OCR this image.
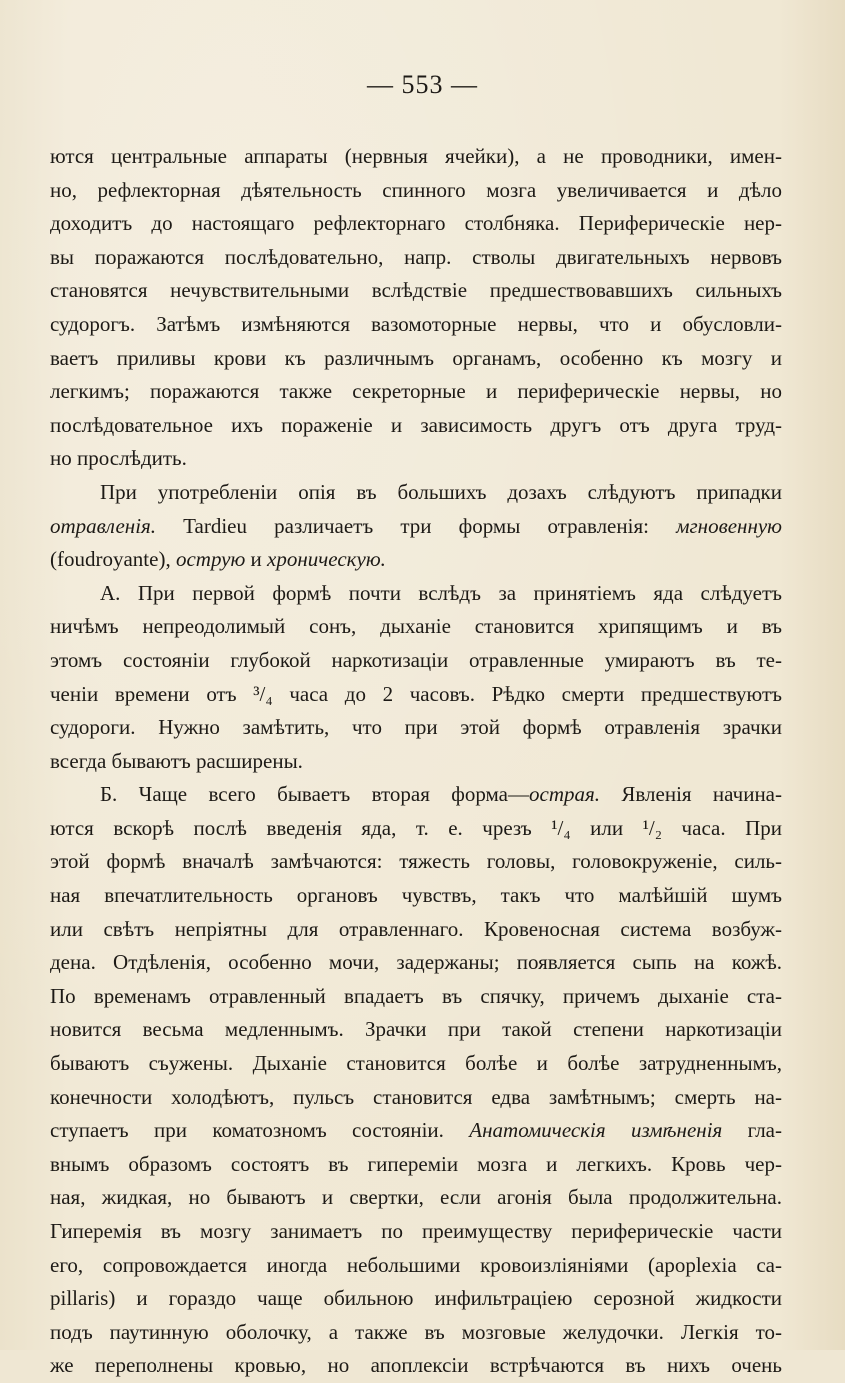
— 553 —
ются центральные аппараты (нервныя ячейки), а не проводники, имен-
но, рефлекторная дѣятельность спинного мозга увеличивается и дѣло
доходитъ до настоящаго рефлекторнаго столбняка. Периферическіе нер-
вы поражаются послѣдовательно, напр. стволы двигательныхъ нервовъ
становятся нечувствительными вслѣдствіе предшествовавшихъ сильныхъ
судорогъ. Затѣмъ измѣняются вазомоторные нервы, что и обусловли-
ваетъ приливы крови къ различнымъ органамъ, особенно къ мозгу и
легкимъ; поражаются также секреторные и периферическіе нервы, но
послѣдовательное ихъ пораженіе и зависимость другъ отъ друга труд-
но прослѣдить.
При употребленіи опія въ большихъ дозахъ слѣдуютъ припадки
отравленія. Tardieu различаетъ три формы отравленія: мгновенную
(foudroyante), острую и хроническую.
А. При первой формѣ почти вслѣдъ за принятіемъ яда слѣдуетъ
ничѣмъ непреодолимый сонъ, дыханіе становится хрипящимъ и въ
этомъ состояніи глубокой наркотизаціи отравленные умираютъ въ те-
ченіи времени отъ ³/₄ часа до 2 часовъ. Рѣдко смерти предшествуютъ
судороги. Нужно замѣтить, что при этой формѣ отравленія зрачки
всегда бываютъ расширены.
Б. Чаще всего бываетъ вторая форма—острая. Явленія начина-
ются вскорѣ послѣ введенія яда, т. е. чрезъ ¹/₄ или ¹/₂ часа. При
этой формѣ вначалѣ замѣчаются: тяжесть головы, головокруженіе, силь-
ная впечатлительность органовъ чувствъ, такъ что малѣйшій шумъ
или свѣтъ непріятны для отравленнаго. Кровеносная система возбуж-
дена. Отдѣленія, особенно мочи, задержаны; появляется сыпь на кожѣ.
По временамъ отравленный впадаетъ въ спячку, причемъ дыханіе ста-
новится весьма медленнымъ. Зрачки при такой степени наркотизаціи
бываютъ съужены. Дыханіе становится болѣе и болѣе затрудненнымъ,
конечности холодѣютъ, пульсъ становится едва замѣтнымъ; смерть на-
ступаетъ при коматозномъ состояніи. Анатомическія измѣненія гла-
внымъ образомъ состоятъ въ гипереміи мозга и легкихъ. Кровь чер-
ная, жидкая, но бываютъ и свертки, если агонія была продолжительна.
Гиперемія въ мозгу занимаетъ по преимуществу периферическіе части
его, сопровождается иногда небольшими кровоизліяніями (apoplexia ca-
pillaris) и гораздо чаще обильною инфильтраціею серозной жидкости
подъ паутинную оболочку, а также въ мозговые желудочки. Легкія то-
же переполнены кровью, но апоплексіи встрѣчаются въ нихъ очень
